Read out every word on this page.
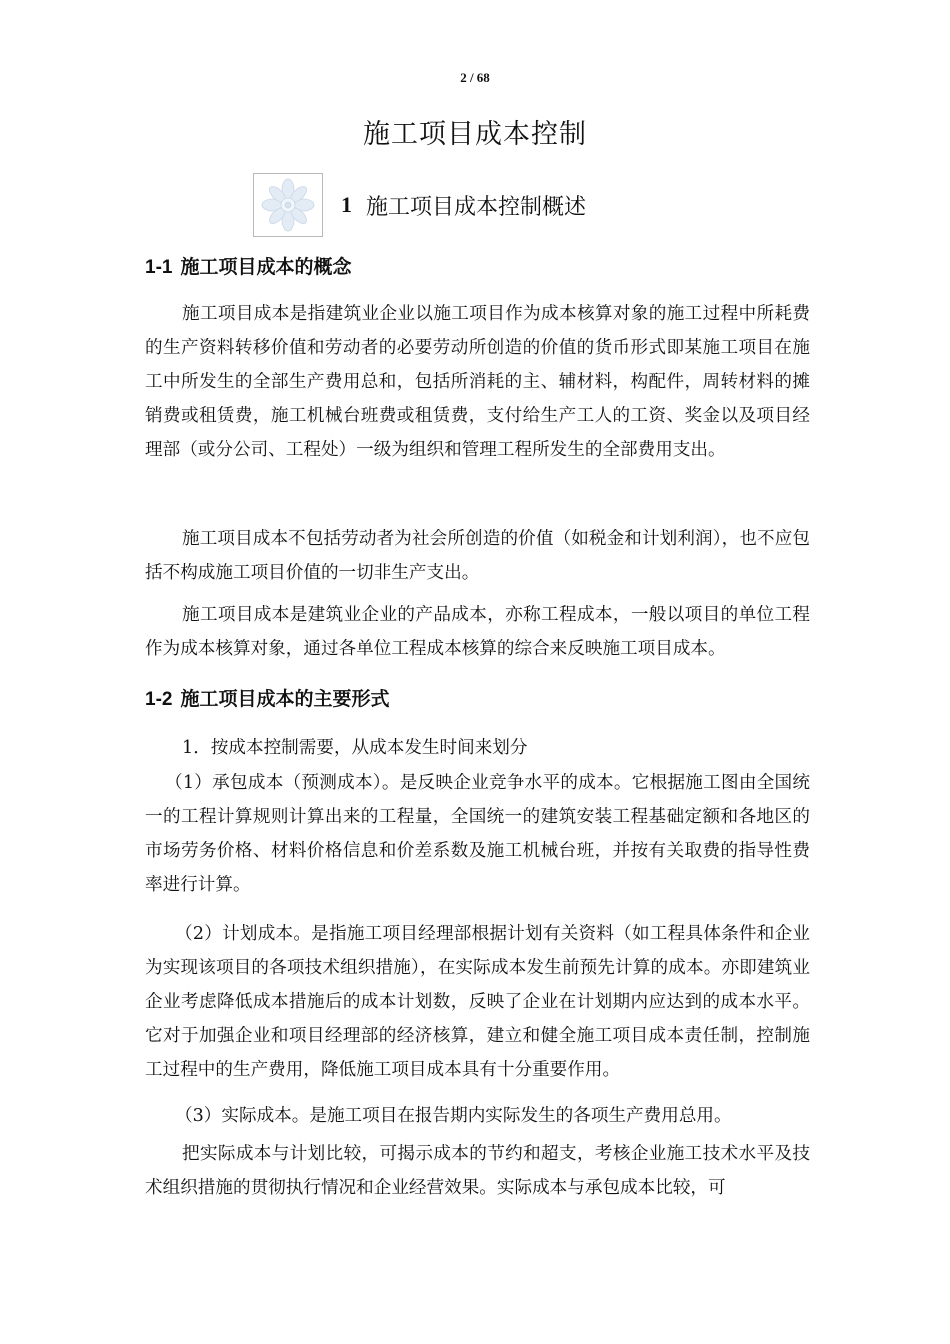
2 / 68
施工项目成本控制
1 施工项目成本控制概述
1-1 施工项目成本的概念

施工项目成本是指建筑业企业以施工项目作为成本核算对象的施工过程中所耗费的生产资料转移价值和劳动者的必要劳动所创造的价值的货币形式即某施工项目在施工中所发生的全部生产费用总和，包括所消耗的主、辅材料，构配件，周转材料的摊销费或租赁费，施工机械台班费或租赁费，支付给生产工人的工资、奖金以及项目经理部（或分公司、工程处）一级为组织和管理工程所发生的全部费用支出。

施工项目成本不包括劳动者为社会所创造的价值（如税金和计划利润），也不应包括不构成施工项目价值的一切非生产支出。

施工项目成本是建筑业企业的产品成本，亦称工程成本，一般以项目的单位工程作为成本核算对象，通过各单位工程成本核算的综合来反映施工项目成本。

1-2 施工项目成本的主要形式

1．按成本控制需要，从成本发生时间来划分

（1）承包成本（预测成本）。是反映企业竞争水平的成本。它根据施工图由全国统一的工程计算规则计算出来的工程量，全国统一的建筑安装工程基础定额和各地区的市场劳务价格、材料价格信息和价差系数及施工机械台班，并按有关取费的指导性费率进行计算。

（2）计划成本。是指施工项目经理部根据计划有关资料（如工程具体条件和企业为实现该项目的各项技术组织措施），在实际成本发生前预先计算的成本。亦即建筑业企业考虑降低成本措施后的成本计划数，反映了企业在计划期内应达到的成本水平。它对于加强企业和项目经理部的经济核算，建立和健全施工项目成本责任制，控制施工过程中的生产费用，降低施工项目成本具有十分重要作用。

（3）实际成本。是施工项目在报告期内实际发生的各项生产费用总用。

把实际成本与计划比较，可揭示成本的节约和超支，考核企业施工技术水平及技术组织措施的贯彻执行情况和企业经营效果。实际成本与承包成本比较，可
